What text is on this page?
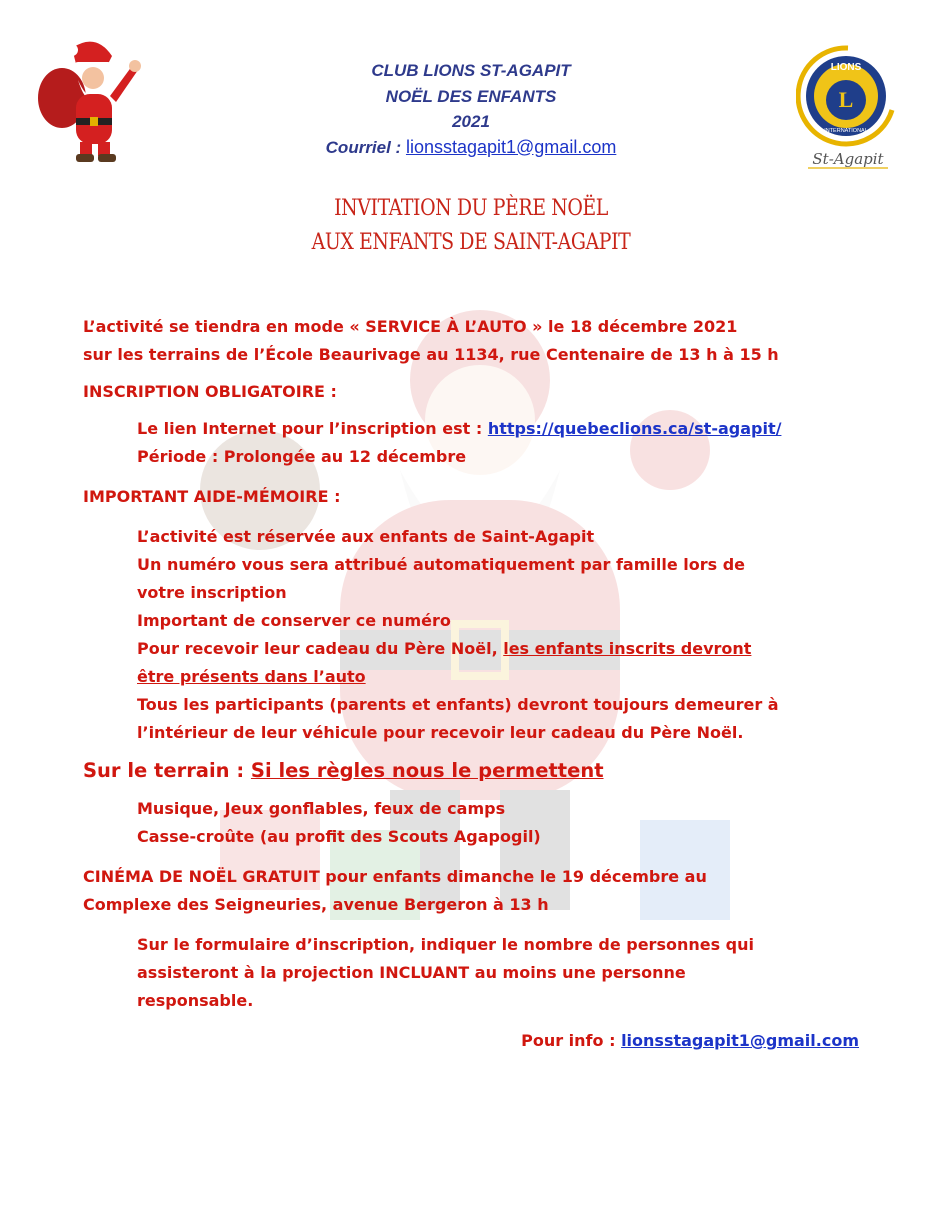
LIONS
L
INTERNATIONAL
St-Agapit
CLUB LIONS ST-AGAPIT
NOËL DES ENFANTS
2021
Courriel : lionsstagapit1@gmail.com
INVITATION DU PÈRE NOËL
AUX ENFANTS DE SAINT-AGAPIT

L’activité se tiendra en mode « SERVICE À L’AUTO » le 18 décembre 2021

sur les terrains de l’École Beaurivage au 1134, rue Centenaire de 13 h à 15 h

INSCRIPTION OBLIGATOIRE :

Le lien Internet pour l’inscription est : https://quebeclions.ca/st-agapit/

Période : Prolongée au 12 décembre

IMPORTANT AIDE-MÉMOIRE :

L’activité est réservée aux enfants de Saint-Agapit

Un numéro vous sera attribué automatiquement par famille lors de

votre inscription

Important de conserver ce numéro

Pour recevoir leur cadeau du Père Noël, les enfants inscrits devront

être présents dans l’auto

Tous les participants (parents et enfants) devront toujours demeurer à

l’intérieur de leur véhicule pour recevoir leur cadeau du Père Noël.

Sur le terrain : Si les règles nous le permettent

Musique, Jeux gonflables, feux de camps

Casse-croûte (au profit des Scouts Agapogil)

CINÉMA DE NOËL GRATUIT pour enfants dimanche le 19 décembre au

Complexe des Seigneuries, avenue Bergeron à 13 h

Sur le formulaire d’inscription, indiquer le nombre de personnes qui

assisteront à la projection INCLUANT au moins une personne

responsable.

Pour info : lionsstagapit1@gmail.com
